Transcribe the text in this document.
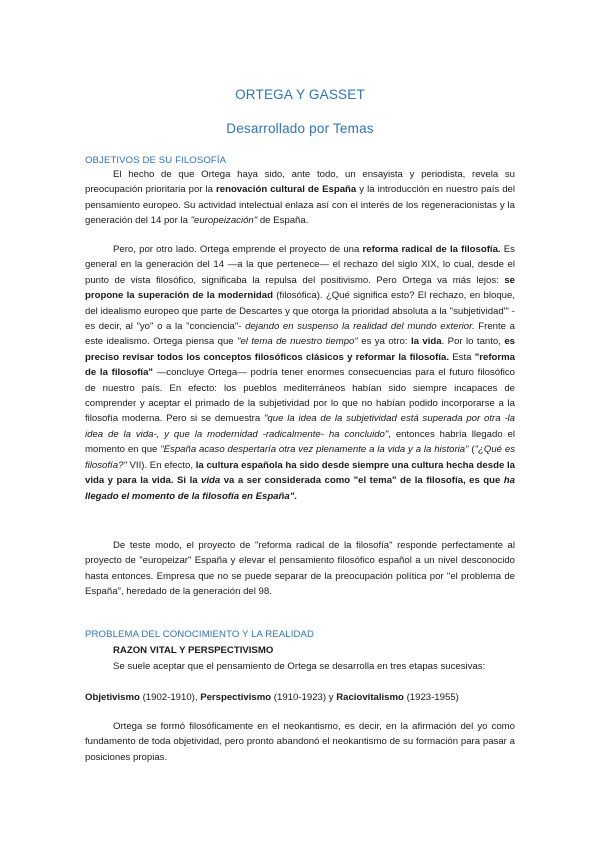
ORTEGA Y GASSET
Desarrollado por Temas
OBJETIVOS DE SU FILOSOFÍA

El hecho de que Ortega haya sido, ante todo, un ensayista y periodista, revela su preocupación prioritaria por la renovación cultural de España y la introducción en nuestro país del pensamiento europeo. Su actividad intelectual enlaza así con el interés de los regeneracionistas y la generación del 14 por la "europeización" de España.

Pero, por otro lado. Ortega emprende el proyecto de una reforma radical de la filosofía. Es general en la generación del 14 —a la que pertenece— el rechazo del siglo XIX, lo cual, desde el punto de vista filosófico, significaba la repulsa del positivismo. Pero Ortega va más lejos: se propone la superación de la modernidad (filosófica). ¿Qué significa esto? El rechazo, en bloque, del idealismo europeo que parte de Descartes y que otorga la prioridad absoluta a la "subjetividad"' - es decir, al "yo" o a la "conciencia"- dejando en suspenso la realidad del mundo exterior. Frente a este idealismo. Ortega piensa que "el tema de nuestro tiempo" es ya otro: la vida. Por lo tanto, es preciso revisar todos los conceptos filosóficos clásicos y reformar la filosofía. Esta "reforma de la filosofía" —concluye Ortega— podría tener enormes consecuencias para el futuro filosófico de nuestro país. En efecto: los pueblos mediterráneos habían sido siempre incapaces de comprender y aceptar el primado de la subjetividad por lo que no habían podido incorporarse a la filosofía moderna. Pero si se demuestra "que la idea de la subjetividad está superada por otra -la idea de la vida-, y que la modernidad -radicalmente- ha concluido", entonces habría llegado el momento en que "España acaso despertaría otra vez plenamente a la vida y a la historia" ("¿Qué es filosofía?" VII). En efecto, la cultura española ha sido desde siempre una cultura hecha desde la vida y para la vida. Si la vida va a ser considerada como "el tema" de la filosofía, es que ha llegado el momento de la filosofía en España".

De teste modo, el proyecto de "reforma radical de la filosofía" responde perfectamente al proyecto de "europeizar" España y elevar el pensamiento filosófico español a un nivel desconocido hasta entonces. Empresa que no se puede separar de la preocupación política por "el problema de España", heredado de la generación del 98.

PROBLEMA DEL CONOCIMIENTO Y LA REALIDAD
RAZON VITAL Y PERSPECTIVISMO

Se suele aceptar que el pensamiento de Ortega se desarrolla en tres etapas sucesivas:

Objetivismo (1902-1910), Perspectivismo (1910-1923) y Raciovitalismo (1923-1955)

Ortega se formó filosóficamente en el neokantismo, es decir, en la afirmación del yo como fundamento de toda objetividad, pero pronto abandonó el neokantismo de su formación para pasar a posiciones propias.
